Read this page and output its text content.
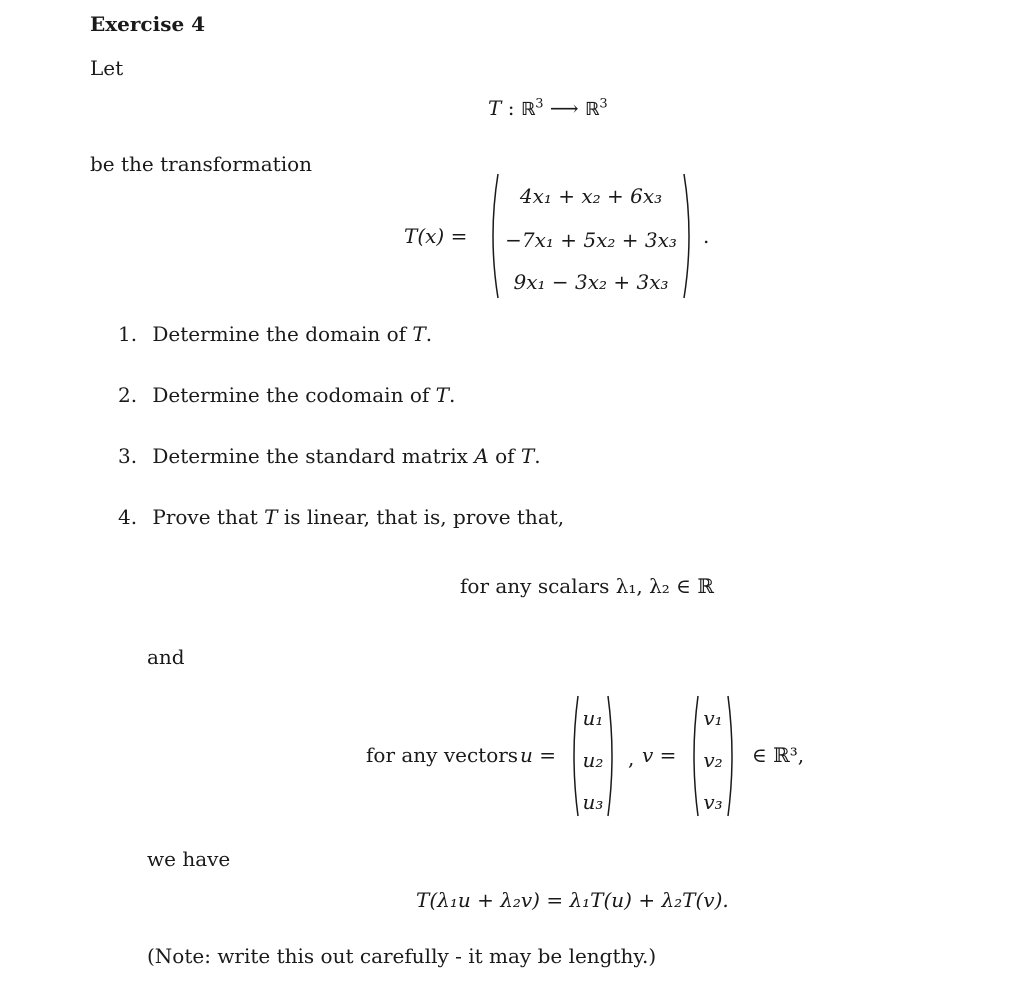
Exercise 4
Let
T : ℝ$^3$ ⟶ ℝ$^3$
be the transformation
T(x) =
4x₁ + x₂ + 6x₃
−7x₁ + 5x₂ + 3x₃
9x₁ − 3x₂ + 3x₃
.
1. Determine the domain of T.
2. Determine the codomain of T.
3. Determine the standard matrix A of T.
4. Prove that T is linear, that is, prove that,
for any scalars λ₁, λ₂ ∈ ℝ
and
for any vectors u =
u₁
u₂
u₃
, v =
v₁
v₂
v₃
∈ ℝ³,
we have
T(λ₁u + λ₂v) = λ₁T(u) + λ₂T(v).
(Note: write this out carefully - it may be lengthy.)
